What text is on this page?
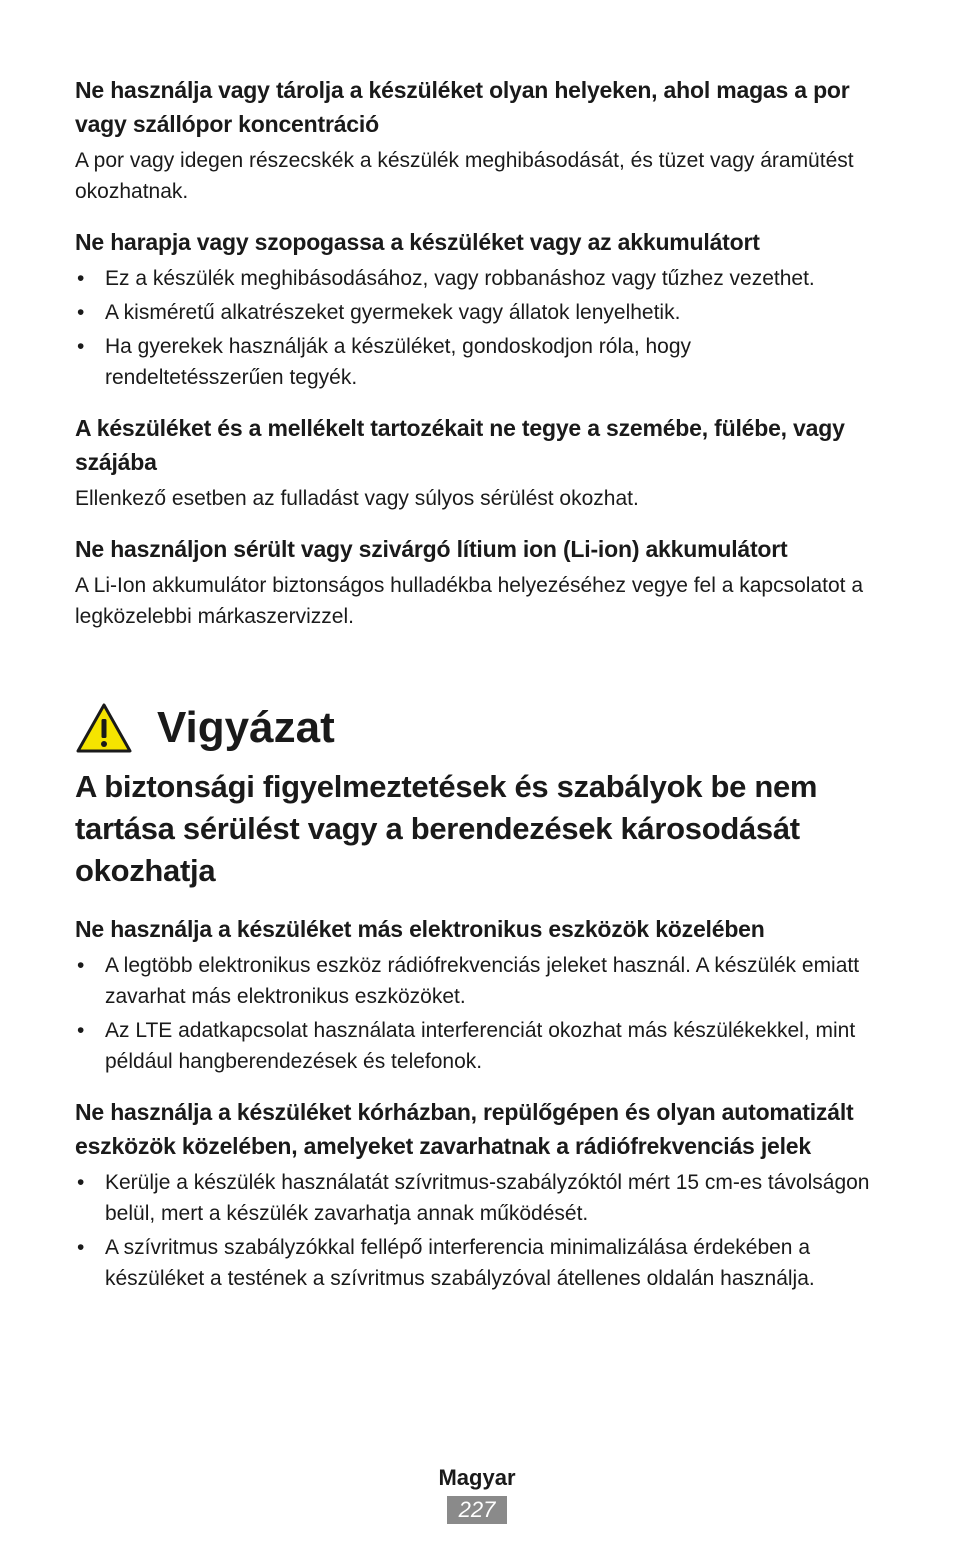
Ne használja vagy tárolja a készüléket olyan helyeken, ahol magas a por vagy szállópor koncentráció

A por vagy idegen részecskék a készülék meghibásodását, és tüzet vagy áramütést okozhatnak.

Ne harapja vagy szopogassa a készüléket vagy az akkumulátort

• Ez a készülék meghibásodásához, vagy robbanáshoz vagy tűzhez vezethet.
• A kisméretű alkatrészeket gyermekek vagy állatok lenyelhetik.
• Ha gyerekek használják a készüléket, gondoskodjon róla, hogy rendeltetésszerűen tegyék.

A készüléket és a mellékelt tartozékait ne tegye a szemébe, fülébe, vagy szájába

Ellenkező esetben az fulladást vagy súlyos sérülést okozhat.

Ne használjon sérült vagy szivárgó lítium ion (Li-ion) akkumulátort

A Li-Ion akkumulátor biztonságos hulladékba helyezéséhez vegye fel a kapcsolatot a legközelebbi márkaszervizzel.

Vigyázat

A biztonsági figyelmeztetések és szabályok be nem tartása sérülést vagy a berendezések károsodását okozhatja

Ne használja a készüléket más elektronikus eszközök közelében

• A legtöbb elektronikus eszköz rádiófrekvenciás jeleket használ. A készülék emiatt zavarhat más elektronikus eszközöket.
• Az LTE adatkapcsolat használata interferenciát okozhat más készülékekkel, mint például hangberendezések és telefonok.

Ne használja a készüléket kórházban, repülőgépen és olyan automatizált eszközök közelében, amelyeket zavarhatnak a rádiófrekvenciás jelek

• Kerülje a készülék használatát szívritmus-szabályzóktól mért 15 cm-es távolságon belül, mert a készülék zavarhatja annak működését.
• A szívritmus szabályzókkal fellépő interferencia minimalizálása érdekében a készüléket a testének a szívritmus szabályzóval átellenes oldalán használja.
Magyar
227
